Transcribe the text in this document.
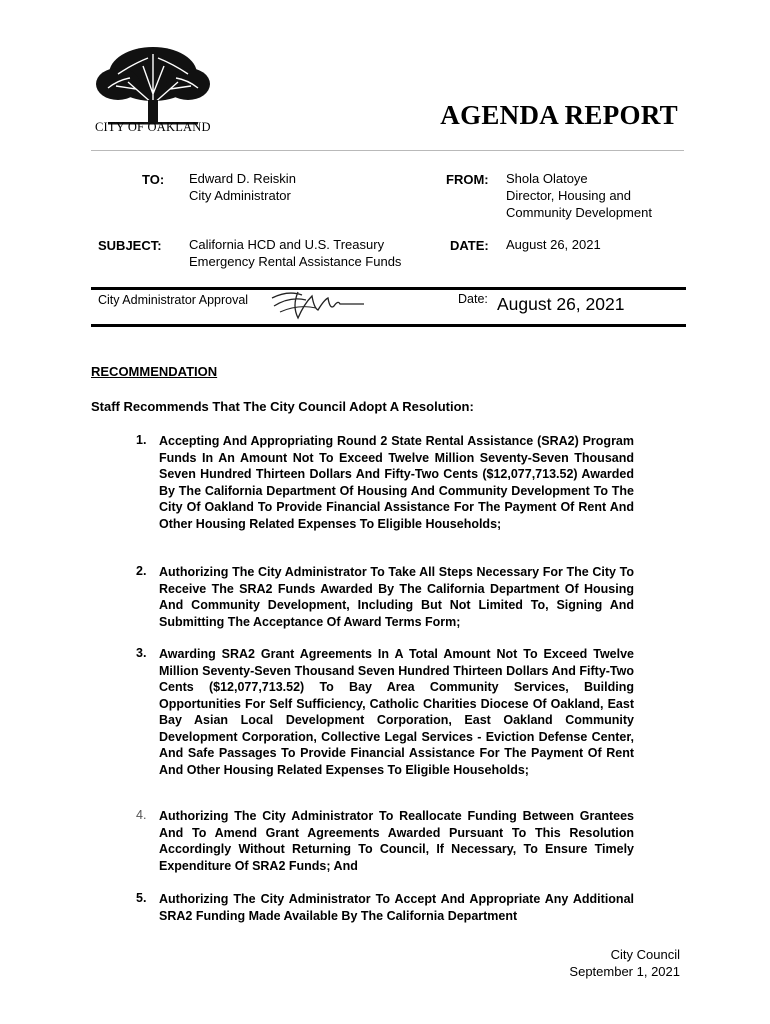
CITY OF OAKLAND	AGENDA REPORT
TO: Edward D. Reiskin
City Administrator
FROM: Shola Olatoye
Director, Housing and
Community Development
SUBJECT: California HCD and U.S. Treasury
Emergency Rental Assistance Funds
DATE: August 26, 2021
City Administrator Approval	Date: August 26, 2021
RECOMMENDATION
Staff Recommends That The City Council Adopt A Resolution:
1. Accepting And Appropriating Round 2 State Rental Assistance (SRA2) Program Funds In An Amount Not To Exceed Twelve Million Seventy-Seven Thousand Seven Hundred Thirteen Dollars And Fifty-Two Cents ($12,077,713.52) Awarded By The California Department Of Housing And Community Development To The City Of Oakland To Provide Financial Assistance For The Payment Of Rent And Other Housing Related Expenses To Eligible Households;
2. Authorizing The City Administrator To Take All Steps Necessary For The City To Receive The SRA2 Funds Awarded By The California Department Of Housing And Community Development, Including But Not Limited To, Signing And Submitting The Acceptance Of Award Terms Form;
3. Awarding SRA2 Grant Agreements In A Total Amount Not To Exceed Twelve Million Seventy-Seven Thousand Seven Hundred Thirteen Dollars And Fifty-Two Cents ($12,077,713.52) To Bay Area Community Services, Building Opportunities For Self Sufficiency, Catholic Charities Diocese Of Oakland, East Bay Asian Local Development Corporation, East Oakland Community Development Corporation, Collective Legal Services - Eviction Defense Center, And Safe Passages To Provide Financial Assistance For The Payment Of Rent And Other Housing Related Expenses To Eligible Households;
4. Authorizing The City Administrator To Reallocate Funding Between Grantees And To Amend Grant Agreements Awarded Pursuant To This Resolution Accordingly Without Returning To Council, If Necessary, To Ensure Timely Expenditure Of SRA2 Funds; And
5. Authorizing The City Administrator To Accept And Appropriate Any Additional SRA2 Funding Made Available By The California Department
City Council
September 1, 2021
